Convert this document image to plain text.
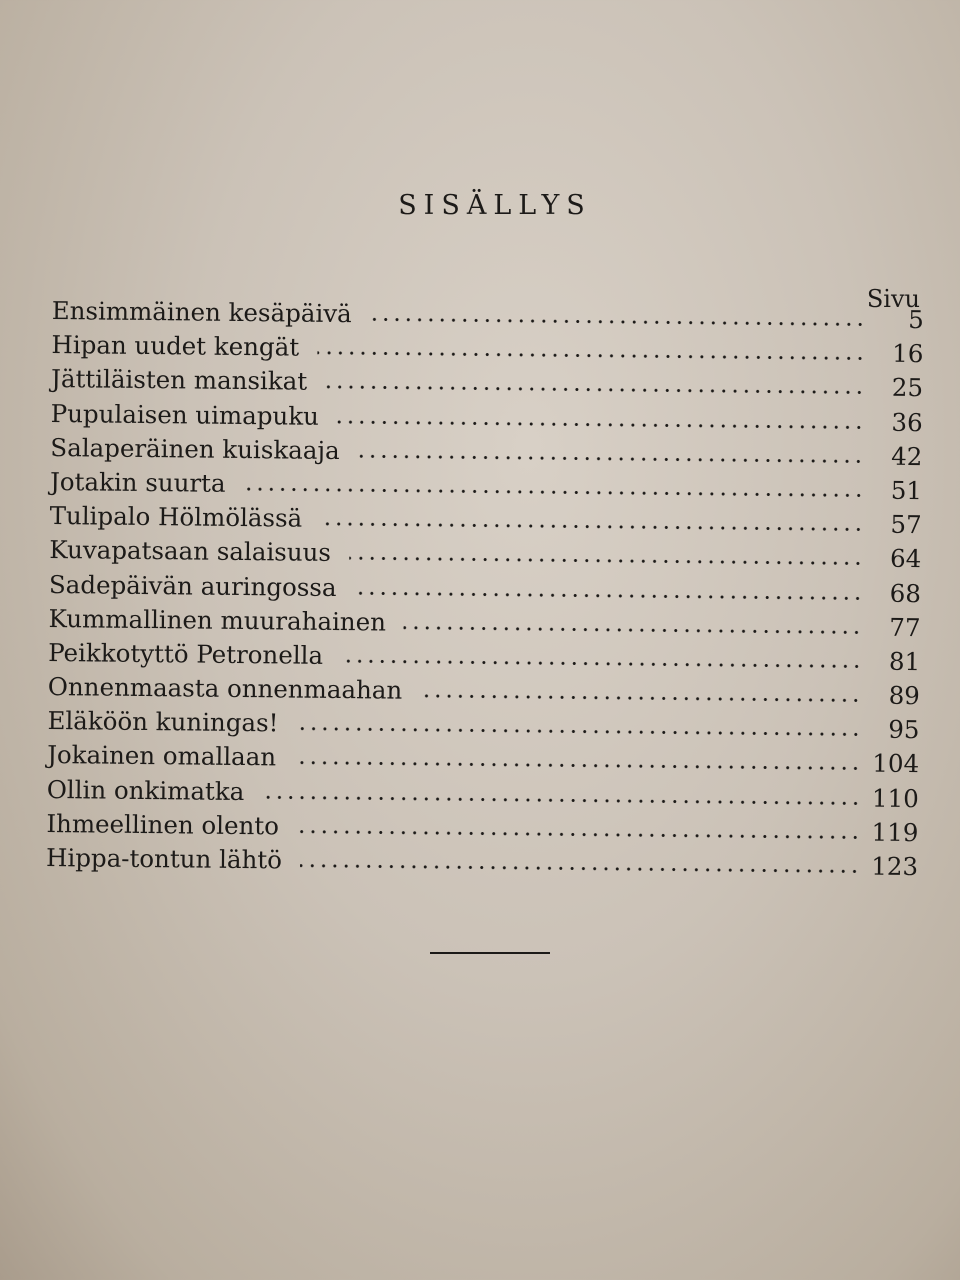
SISÄLLYS
Sivu
Ensimmäinen kesäpäivä	5
Hipan uudet kengät	16
Jättiläisten mansikat	25
Pupulaisen uimapuku	36
Salaperäinen kuiskaaja	42
Jotakin suurta	51
Tulipalo Hölmölässä	57
Kuvapatsaan salaisuus	64
Sadepäivän auringossa	68
Kummallinen muurahainen	77
Peikkotyttö Petronella	81
Onnenmaasta onnenmaahan	89
Eläköön kuningas!	95
Jokainen omallaan	104
Ollin onkimatka	110
Ihmeellinen olento	119
Hippa-tontun lähtö	123
